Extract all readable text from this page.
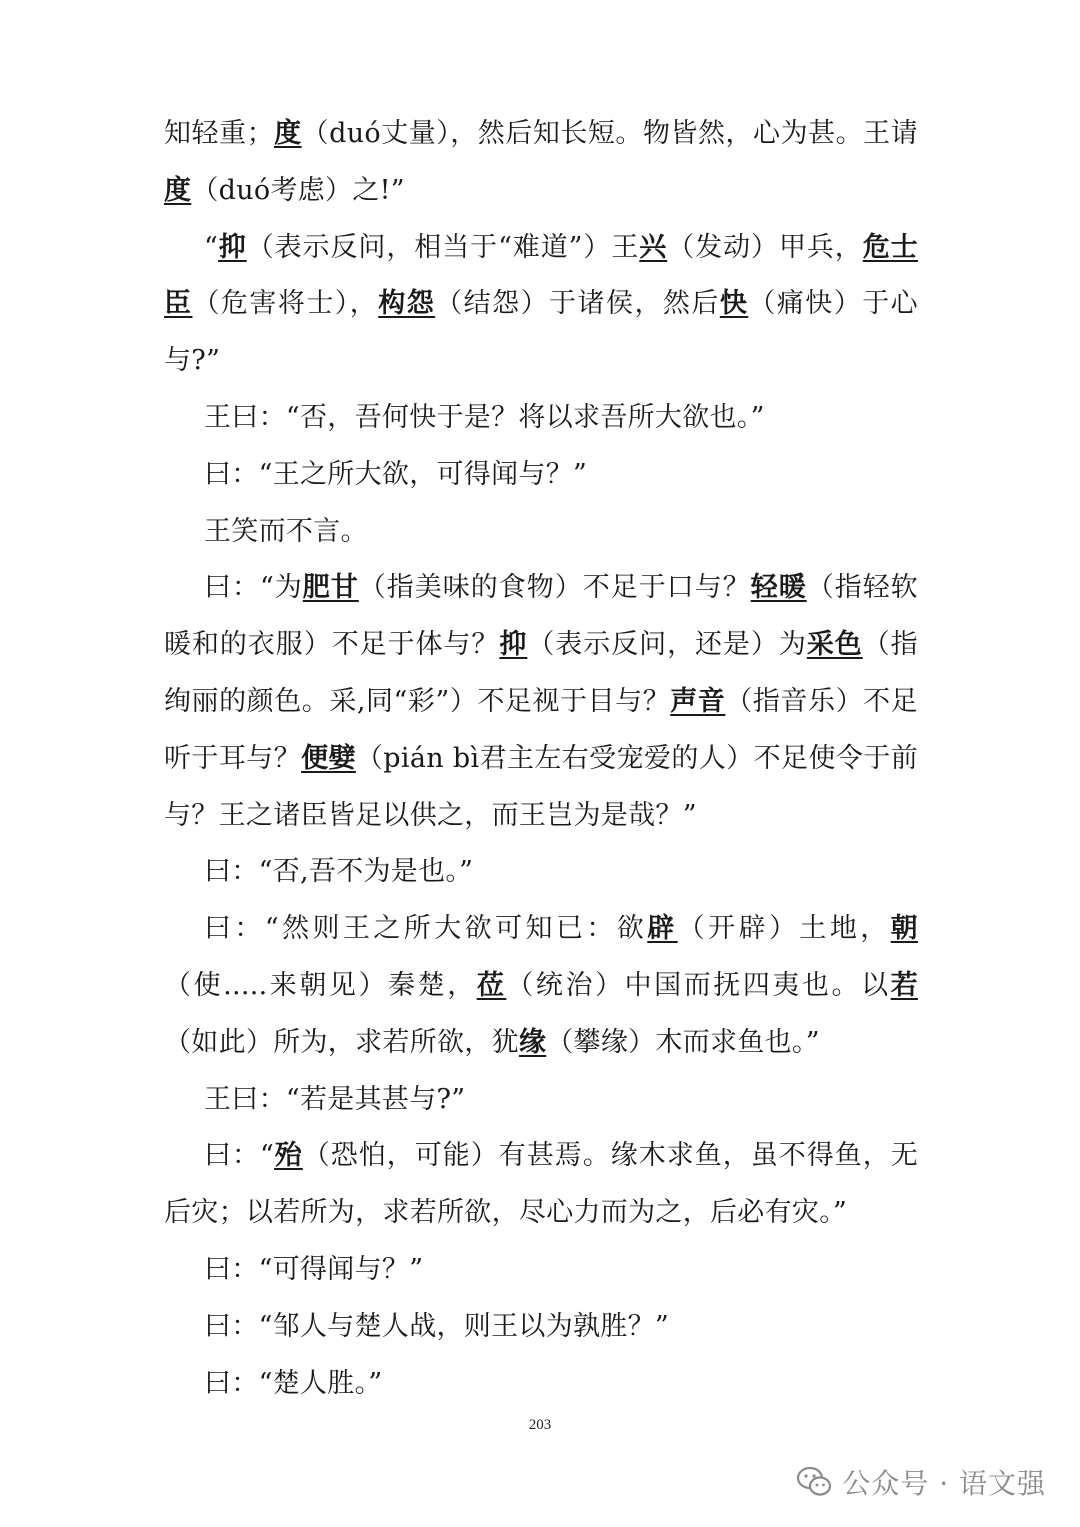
知轻重；度（duó丈量），然后知长短。物皆然，心为甚。王请度（duó考虑）之!”

“抑（表示反问，相当于“难道”）王兴（发动）甲兵，危士臣（危害将士），构怨（结怨）于诸侯，然后快（痛快）于心与?”

王曰：“否，吾何快于是？将以求吾所大欲也。”

曰：“王之所大欲，可得闻与？”

王笑而不言。

曰：“为肥甘（指美味的食物）不足于口与？轻暖（指轻软暖和的衣服）不足于体与？抑（表示反问，还是）为采色（指绚丽的颜色。采,同“彩”）不足视于目与？声音（指音乐）不足听于耳与？便嬖（pián bì君主左右受宠爱的人）不足使令于前与？王之诸臣皆足以供之，而王岂为是哉？”

曰：“否,吾不为是也。”

曰：“然则王之所大欲可知已：欲辟（开辟）土地，朝（使.....来朝见）秦楚，莅（统治）中国而抚四夷也。以若（如此）所为，求若所欲，犹缘（攀缘）木而求鱼也。”

王曰：“若是其甚与?”

曰：“殆（恐怕，可能）有甚焉。缘木求鱼，虽不得鱼，无后灾；以若所为，求若所欲，尽心力而为之，后必有灾。”

曰：“可得闻与？”

曰：“邹人与楚人战，则王以为孰胜？”

曰：“楚人胜。”

203
公众号 · 语文强
